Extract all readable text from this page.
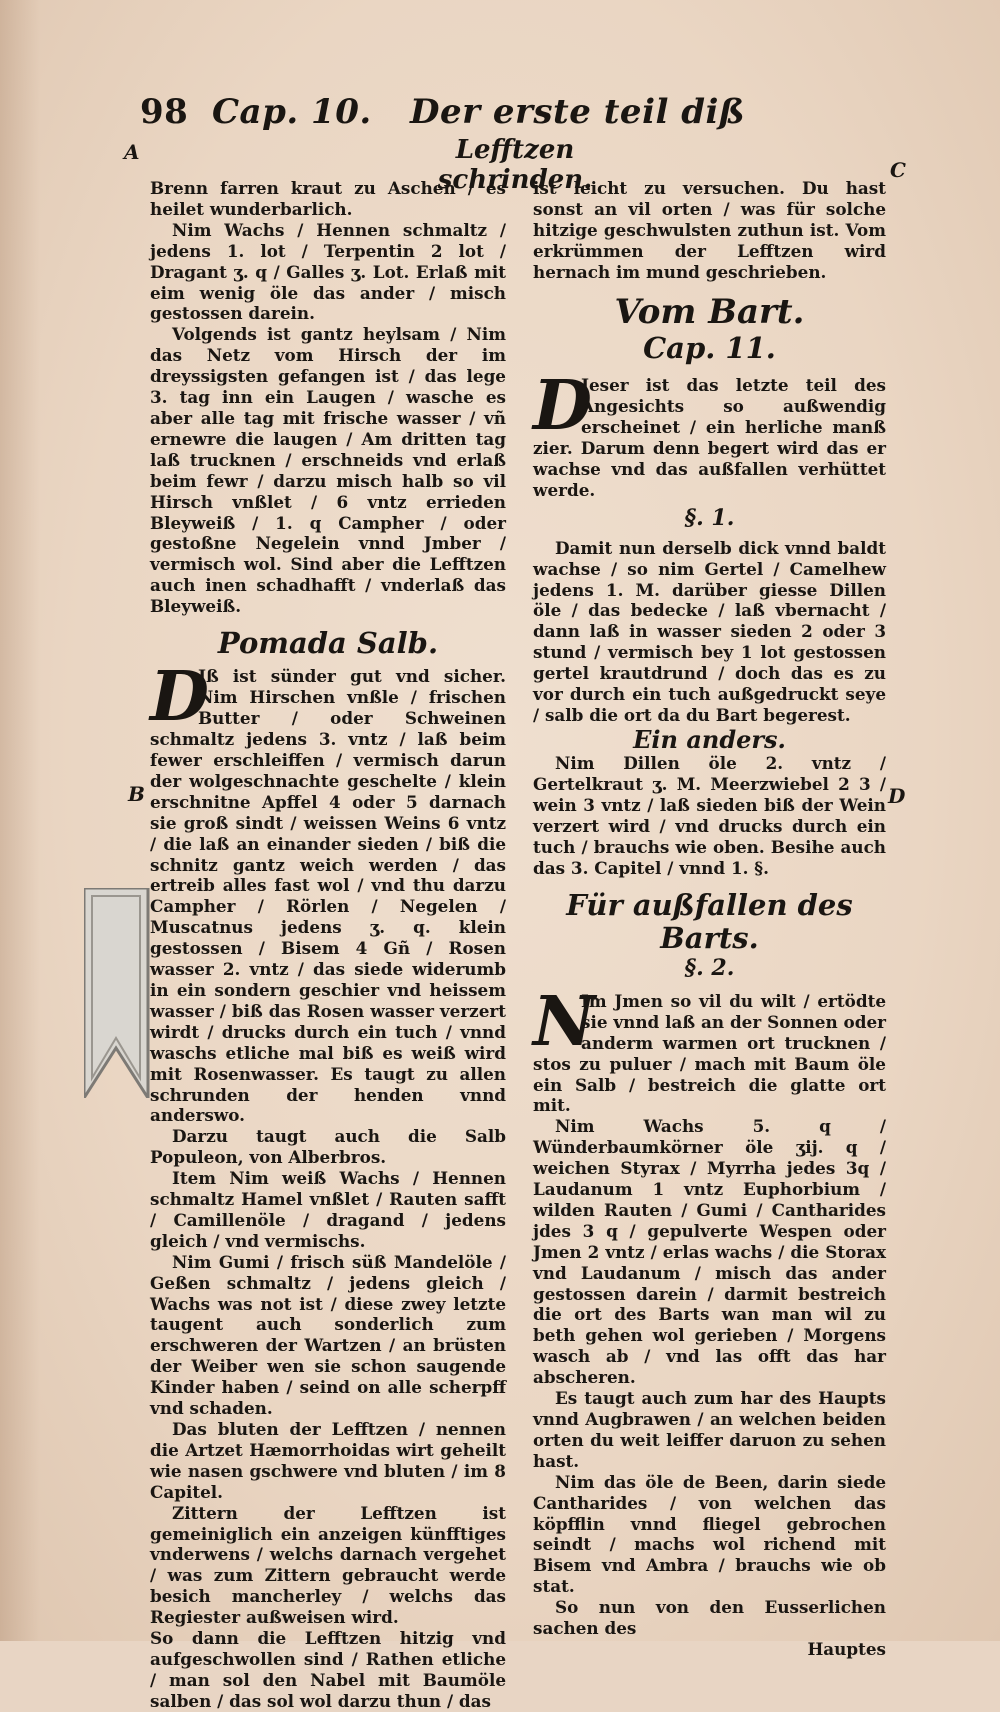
98 Cap. 10. Der erste teil diß
A
B
C
D
Lefftzen schrinden.

Brenn farren kraut zu Aschen / es heilet wunderbarlich.

Nim Wachs / Hennen schmaltz / jedens 1. lot / Terpentin 2 lot / Dragant ʒ. q / Galles ʒ. Lot. Erlaß mit eim wenig öle das ander / misch gestossen darein.

Volgends ist gantz heylsam / Nim das Netz vom Hirsch der im dreyssigsten gefangen ist / das lege 3. tag inn ein Laugen / wasche es aber alle tag mit frische wasser / vñ ernewre die laugen / Am dritten tag laß trucknen / erschneids vnd erlaß beim fewr / darzu misch halb so vil Hirsch vnßlet / 6 vntz errieden Bleyweiß / 1. q Campher / oder gestoßne Negelein vnnd Jmber / vermisch wol. Sind aber die Lefftzen auch inen schadhafft / vnderlaß das Bleyweiß.

Pomada Salb.

D
Jß ist sünder gut vnd sicher. Nim Hirschen vnßle / frischen Butter / oder Schweinen schmaltz jedens 3. vntz / laß beim fewer erschleiffen / vermisch darun der wolgeschnachte geschelte / klein erschnitne Apffel 4 oder 5 darnach sie groß sindt / weissen Weins 6 vntz / die laß an einander sieden / biß die schnitz gantz weich werden / das ertreib alles fast wol / vnd thu darzu Campher / Rörlen / Negelen / Muscatnus jedens ʒ. q. klein gestossen / Bisem 4 Gñ / Rosen wasser 2. vntz / das siede widerumb in ein sondern geschier vnd heissem wasser / biß das Rosen wasser verzert wirdt / drucks durch ein tuch / vnnd waschs etliche mal biß es weiß wird mit Rosenwasser. Es taugt zu allen schrunden der henden vnnd anderswo.

Darzu taugt auch die Salb Populeon, von Alberbros.

Item Nim weiß Wachs / Hennen schmaltz Hamel vnßlet / Rauten safft / Camillenöle / dragand / jedens gleich / vnd vermischs.

Nim Gumi / frisch süß Mandelöle / Geßen schmaltz / jedens gleich / Wachs was not ist / diese zwey letzte taugent auch sonderlich zum erschweren der Wartzen / an brüsten der Weiber wen sie schon saugende Kinder haben / seind on alle scherpff vnd schaden.

Das bluten der Lefftzen / nennen die Artzet Hæmorrhoidas wirt geheilt wie nasen gschwere vnd bluten / im 8 Capitel.

Zittern der Lefftzen ist gemeiniglich ein anzeigen künfftiges vnderwens / welchs darnach vergehet / was zum Zittern gebraucht werde besich mancherley / welchs das Regiester außweisen wird.

So dann die Lefftzen hitzig vnd aufgeschwollen sind / Rathen etliche / man sol den Nabel mit Baumöle salben / das sol wol darzu thun / das

ist leicht zu versuchen. Du hast sonst an vil orten / was für solche hitzige geschwulsten zuthun ist. Vom erkrümmen der Lefftzen wird hernach im mund geschrieben.

Vom Bart.

Cap. 11.

D
Jeser ist das letzte teil des Angesichts so außwendig erscheinet / ein herliche manß zier. Darum denn begert wird das er wachse vnd das außfallen verhüttet werde.

§. 1.

Damit nun derselb dick vnnd baldt wachse / so nim Gertel / Camelhew jedens 1. M. darüber giesse Dillen öle / das bedecke / laß vbernacht / dann laß in wasser sieden 2 oder 3 stund / vermisch bey 1 lot gestossen gertel krautdrund / doch das es zu vor durch ein tuch außgedruckt seye / salb die ort da du Bart begerest.

Ein anders.

Nim Dillen öle 2. vntz / Gertelkraut ʒ. M. Meerzwiebel 2 3 / wein 3 vntz / laß sieden biß der Wein verzert wird / vnd drucks durch ein tuch / brauchs wie oben. Besihe auch das 3. Capitel / vnnd 1. §.

Für außfallen des Barts.

§. 2.

N
Im Jmen so vil du wilt / ertödte sie vnnd laß an der Sonnen oder anderm warmen ort trucknen / stos zu puluer / mach mit Baum öle ein Salb / bestreich die glatte ort mit.

Nim Wachs 5. q / Wünderbaumkörner öle ʒij. q / weichen Styrax / Myrrha jedes 3q / Laudanum 1 vntz Euphorbium / wilden Rauten / Gumi / Cantharides jdes 3 q / gepulverte Wespen oder Jmen 2 vntz / erlas wachs / die Storax vnd Laudanum / misch das ander gestossen darein / darmit bestreich die ort des Barts wan man wil zu beth gehen wol gerieben / Morgens wasch ab / vnd las offt das har abscheren.

Es taugt auch zum har des Haupts vnnd Augbrawen / an welchen beiden orten du weit leiffer daruon zu sehen hast.

Nim das öle de Been, darin siede Cantharides / von welchen das köpfflin vnnd fliegel gebrochen seindt / machs wol richend mit Bisem vnd Ambra / brauchs wie ob stat.

So nun von den Eusserlichen sachen des

Hauptes
